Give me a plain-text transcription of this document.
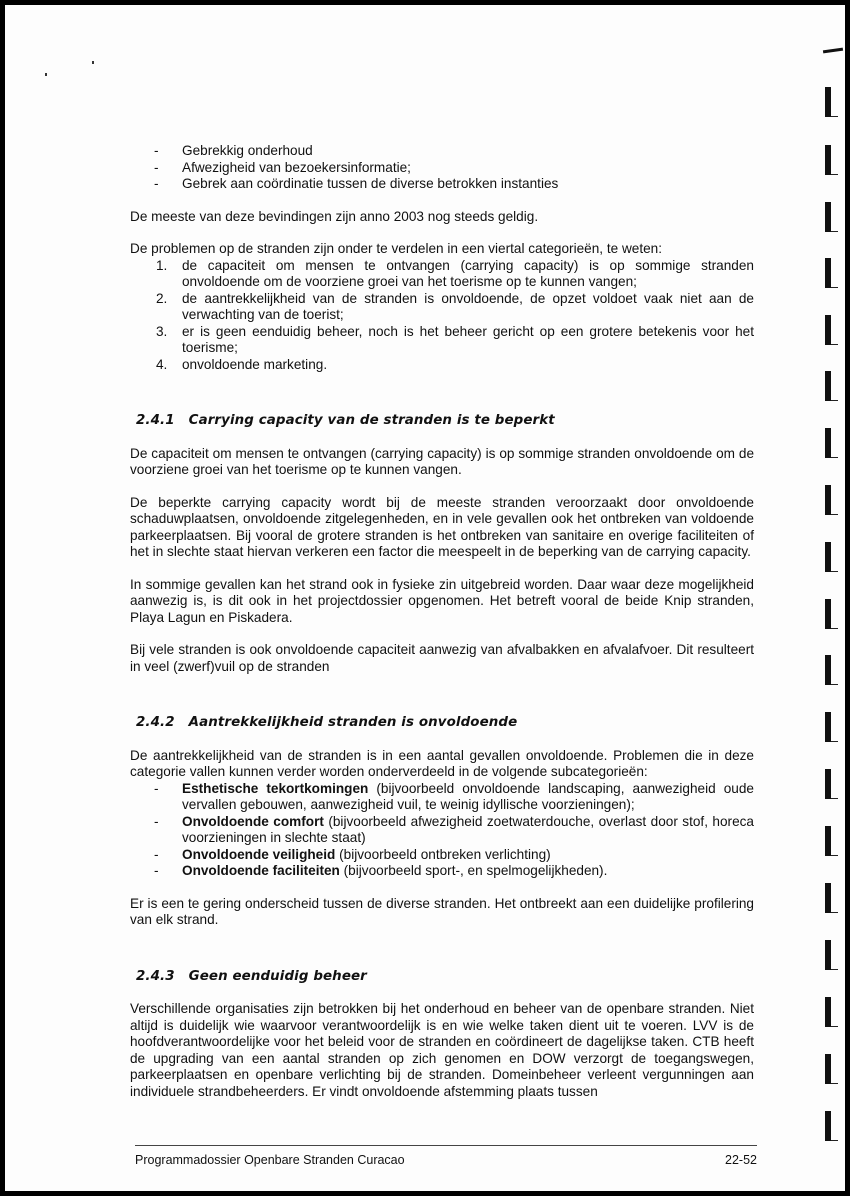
- Gebrekkig onderhoud
- Afwezigheid van bezoekersinformatie;
- Gebrek aan coördinatie tussen de diverse betrokken instanties

De meeste van deze bevindingen zijn anno 2003 nog steeds geldig.

De problemen op de stranden zijn onder te verdelen in een viertal categorieën, te weten:

1. de capaciteit om mensen te ontvangen (carrying capacity) is op sommige stranden onvoldoende om de voorziene groei van het toerisme op te kunnen vangen;
2. de aantrekkelijkheid van de stranden is onvoldoende, de opzet voldoet vaak niet aan de verwachting van de toerist;
3. er is geen eenduidig beheer, noch is het beheer gericht op een grotere betekenis voor het toerisme;
4. onvoldoende marketing.
2.4.1 Carrying capacity van de stranden is te beperkt

De capaciteit om mensen te ontvangen (carrying capacity) is op sommige stranden onvoldoende om de voorziene groei van het toerisme op te kunnen vangen.

De beperkte carrying capacity wordt bij de meeste stranden veroorzaakt door onvoldoende schaduwplaatsen, onvoldoende zitgelegenheden, en in vele gevallen ook het ontbreken van voldoende parkeerplaatsen. Bij vooral de grotere stranden is het ontbreken van sanitaire en overige faciliteiten of het in slechte staat hiervan verkeren een factor die meespeelt in de beperking van de carrying capacity.

In sommige gevallen kan het strand ook in fysieke zin uitgebreid worden. Daar waar deze mogelijkheid aanwezig is, is dit ook in het projectdossier opgenomen. Het betreft vooral de beide Knip stranden, Playa Lagun en Piskadera.

Bij vele stranden is ook onvoldoende capaciteit aanwezig van afvalbakken en afvalafvoer. Dit resulteert in veel (zwerf)vuil op de stranden

2.4.2 Aantrekkelijkheid stranden is onvoldoende

De aantrekkelijkheid van de stranden is in een aantal gevallen onvoldoende. Problemen die in deze categorie vallen kunnen verder worden onderverdeeld in de volgende subcategorieën:

- Esthetische tekortkomingen (bijvoorbeeld onvoldoende landscaping, aanwezigheid oude vervallen gebouwen, aanwezigheid vuil, te weinig idyllische voorzieningen);
- Onvoldoende comfort (bijvoorbeeld afwezigheid zoetwaterdouche, overlast door stof, horeca voorzieningen in slechte staat)
- Onvoldoende veiligheid (bijvoorbeeld ontbreken verlichting)
- Onvoldoende faciliteiten (bijvoorbeeld sport-, en spelmogelijkheden).

Er is een te gering onderscheid tussen de diverse stranden. Het ontbreekt aan een duidelijke profilering van elk strand.

2.4.3 Geen eenduidig beheer

Verschillende organisaties zijn betrokken bij het onderhoud en beheer van de openbare stranden. Niet altijd is duidelijk wie waarvoor verantwoordelijk is en wie welke taken dient uit te voeren. LVV is de hoofdverantwoordelijke voor het beleid voor de stranden en coördineert de dagelijkse taken. CTB heeft de upgrading van een aantal stranden op zich genomen en DOW verzorgt de toegangswegen, parkeerplaatsen en openbare verlichting bij de stranden. Domeinbeheer verleent vergunningen aan individuele strandbeheerders. Er vindt onvoldoende afstemming plaats tussen

Programmadossier Openbare Stranden Curacao	22-52
